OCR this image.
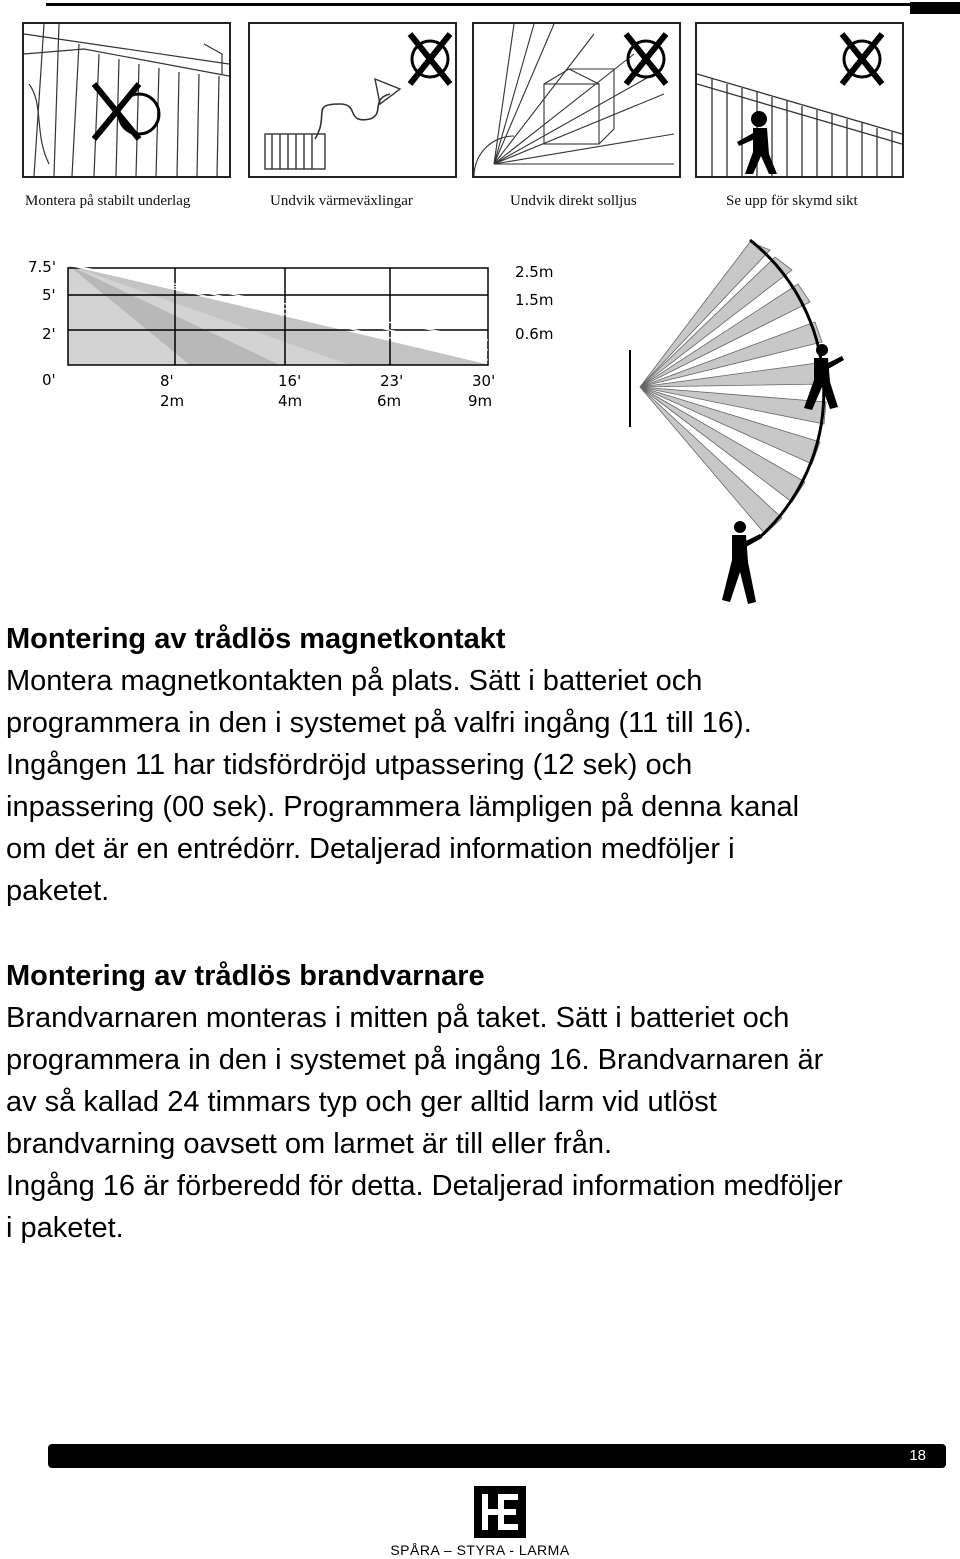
Montera på stabilt underlag	Undvik värmeväxlingar	Undvik direkt solljus	Se upp för skymd sikt
7.5'
5'
2'
0'	8'
2m
16'
4m
23'
6m
30'
9m
2.5m
1.5m
0.6m
Montering av trådlös magnetkontakt

Montera magnetkontakten på plats. Sätt i batteriet och

programmera in den i systemet på valfri ingång (11 till 16).

Ingången 11 har tidsfördröjd utpassering (12 sek) och

inpassering (00 sek). Programmera lämpligen på denna kanal

om det är en entrédörr. Detaljerad information medföljer i

paketet.

Montering av trådlös brandvarnare

Brandvarnaren monteras i mitten på taket. Sätt i batteriet och

programmera in den i systemet på ingång 16. Brandvarnaren är

av så kallad 24 timmars typ och ger alltid larm vid utlöst

brandvarning oavsett om larmet är till eller från.

Ingång 16 är förberedd för detta. Detaljerad information medföljer

i paketet.

18
SPÅRA – STYRA - LARMA
